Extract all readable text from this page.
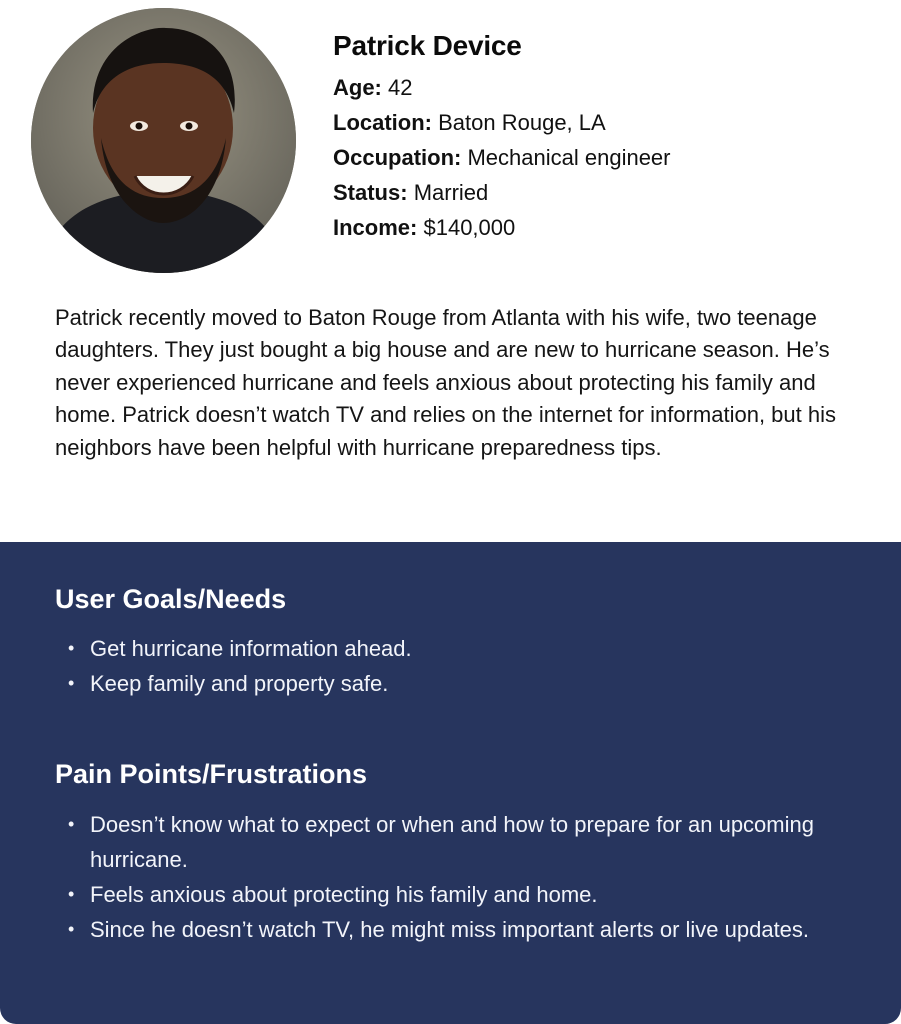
Patrick Device
Age: 42
Location: Baton Rouge, LA
Occupation: Mechanical engineer
Status: Married
Income: $140,000

Patrick recently moved to Baton Rouge from Atlanta with his wife, two teenage daughters. They just bought a big house and are new to hurricane season. He’s never experienced hurricane and feels anxious about protecting his family and home. Patrick doesn’t watch TV and relies on the internet for information, but his neighbors have been helpful with hurricane preparedness tips.

User Goals/Needs
• Get hurricane information ahead.
• Keep family and property safe.
Pain Points/Frustrations
• Doesn’t know what to expect or when and how to prepare for an upcoming hurricane.
• Feels anxious about protecting his family and home.
• Since he doesn’t watch TV, he might miss important alerts or live updates.
